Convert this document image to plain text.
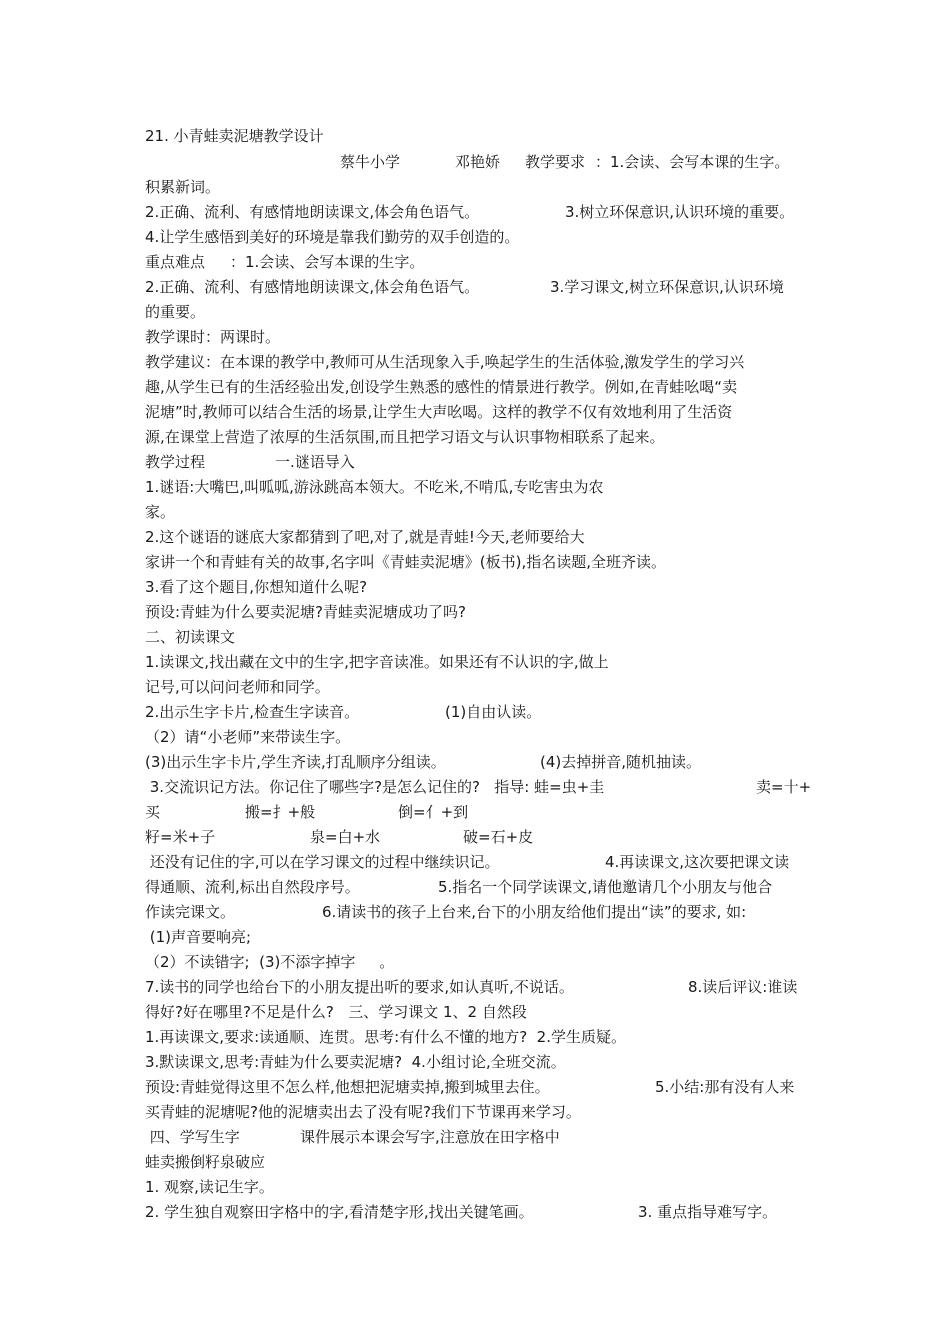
21. 小青蛙卖泥塘教学设计

蔡牛小学

	邓艳娇

教学要求

：1.会读、会写本课的生字。

积累新词。

2.正确、流利、有感情地朗读课文,体会角色语气。

	3.树立环保意识,认识环境的重要。

4.让学生感悟到美好的环境是靠我们勤劳的双手创造的。

重点难点

：1.会读、会写本课的生字。

2.正确、流利、有感情地朗读课文,体会角色语气。

	3.学习课文,树立环保意识,认识环境

的重要。

教学课时：两课时。

教学建议：在本课的教学中,教师可从生活现象入手,唤起学生的生活体验,激发学生的学习兴

趣,从学生已有的生活经验出发,创设学生熟悉的感性的情景进行教学。例如,在青蛙吆喝“卖

泥塘”时,教师可以结合生活的场景,让学生大声吆喝。这样的教学不仅有效地利用了生活资

源,在课堂上营造了浓厚的生活氛围,而且把学习语文与认识事物相联系了起来。

教学过程

	一.谜语导入

1.谜语:大嘴巴,叫呱呱,游泳跳高本领大。不吃米,不啃瓜,专吃害虫为农

家。

2.这个谜语的谜底大家都猜到了吧,对了,就是青蛙!今天,老师要给大

家讲一个和青蛙有关的故事,名字叫《青蛙卖泥塘》(板书),指名读题,全班齐读。

3.看了这个题目,你想知道什么呢?

预设:青蛙为什么要卖泥塘?青蛙卖泥塘成功了吗?

二、初读课文

1.读课文,找出藏在文中的生字,把字音读准。如果还有不认识的字,做上

记号,可以问问老师和同学。

2.出示生字卡片,检查生字读音。

	(1)自由认读。

（2）请“小老师”来带读生字。

(3)出示生字卡片,学生齐读,打乱顺序分组读。

	(4)去掉拼音,随机抽读。

3.交流识记方法。你记住了哪些字?是怎么记住的?   指导: 蛙=虫+圭

	卖=十+

买

	搬=扌+般

	倒=亻+到

籽=米+子

	泉=白+水

	破=石+皮

还没有记住的字,可以在学习课文的过程中继续识记。

	4.再读课文,这次要把课文读

得通顺、流利,标出自然段序号。

	5.指名一个同学读课文,请他邀请几个小朋友与他合

作读完课文。

	6.请读书的孩子上台来,台下的小朋友给他们提出“读”的要求, 如:

(1)声音要响亮;

（2）不读错字;  (3)不添字掉字     。

7.读书的同学也给台下的小朋友提出听的要求,如认真听,不说话。

	8.读后评议:谁读

得好?好在哪里?不足是什么?   三、学习课文 1、2 自然段

1.再读课文,要求:读通顺、连贯。思考:有什么不懂的地方?  2.学生质疑。

3.默读课文,思考:青蛙为什么要卖泥塘?  4.小组讨论,全班交流。

预设:青蛙觉得这里不怎么样,他想把泥塘卖掉,搬到城里去住。

	5.小结:那有没有人来

买青蛙的泥塘呢?他的泥塘卖出去了没有呢?我们下节课再来学习。

四、学写生字

	课件展示本课会写字,注意放在田字格中

蛙卖搬倒籽泉破应

1. 观察,读记生字。

2. 学生独自观察田字格中的字,看清楚字形,找出关键笔画。

	3. 重点指导难写字。
